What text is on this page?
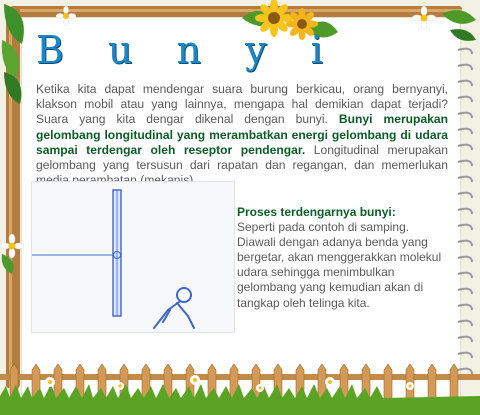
B u n y i

Ketika kita dapat mendengar suara burung berkicau, orang bernyanyi, klakson mobil atau yang lainnya, mengapa hal demikian dapat terjadi? Suara yang kita dengar dikenal dengan bunyi. Bunyi merupakan gelombang longitudinal yang merambatkan energi gelombang di udara sampai terdengar oleh reseptor pendengar. Longitudinal merupakan gelombang yang tersusun dari rapatan dan regangan, dan memerlukan

Proses terdengarnya bunyi:
Seperti pada contoh di samping. Diawali dengan adanya benda yang bergetar, akan menggerakkan molekul udara sehingga menimbulkan gelombang yang kemudian akan di tangkap oleh telinga kita.
